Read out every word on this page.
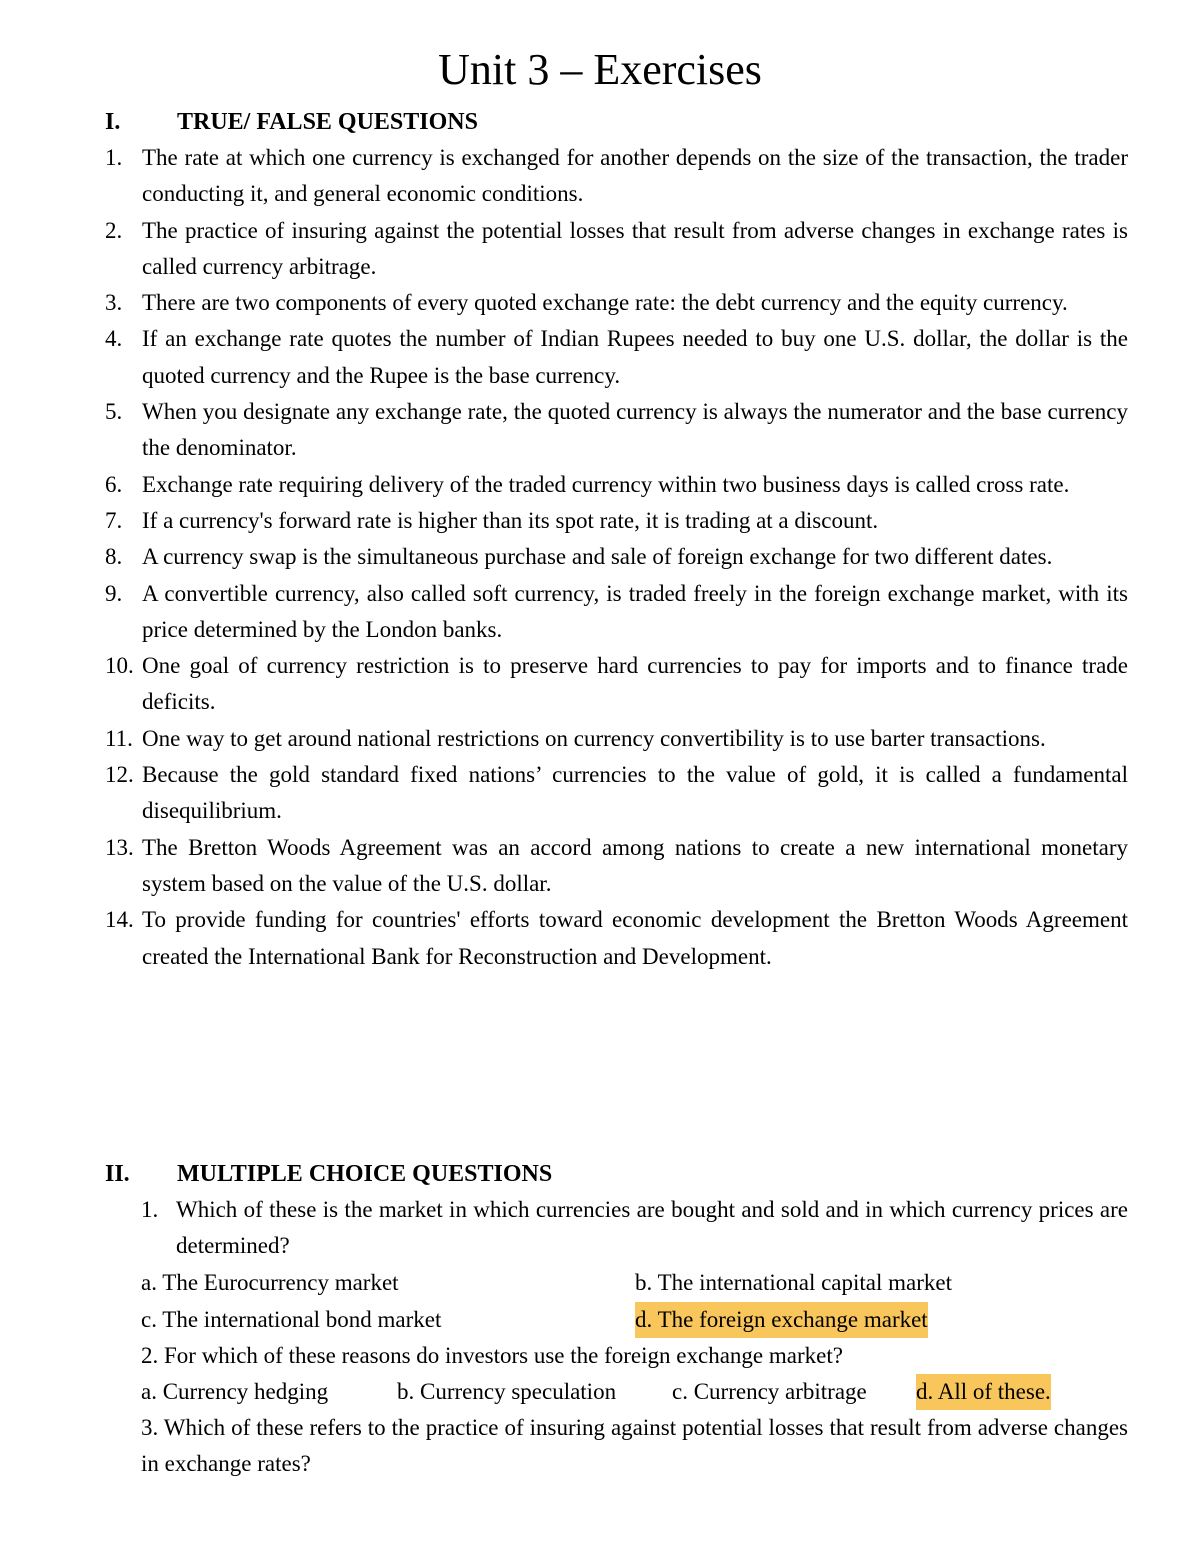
Unit 3 – Exercises
I. TRUE/ FALSE QUESTIONS
1. The rate at which one currency is exchanged for another depends on the size of the transaction, the trader conducting it, and general economic conditions.
2. The practice of insuring against the potential losses that result from adverse changes in exchange rates is called currency arbitrage.
3. There are two components of every quoted exchange rate: the debt currency and the equity currency.
4. If an exchange rate quotes the number of Indian Rupees needed to buy one U.S. dollar, the dollar is the quoted currency and the Rupee is the base currency.
5. When you designate any exchange rate, the quoted currency is always the numerator and the base currency the denominator.
6. Exchange rate requiring delivery of the traded currency within two business days is called cross rate.
7. If a currency's forward rate is higher than its spot rate, it is trading at a discount.
8. A currency swap is the simultaneous purchase and sale of foreign exchange for two different dates.
9. A convertible currency, also called soft currency, is traded freely in the foreign exchange market, with its price determined by the London banks.
10. One goal of currency restriction is to preserve hard currencies to pay for imports and to finance trade deficits.
11. One way to get around national restrictions on currency convertibility is to use barter transactions.
12. Because the gold standard fixed nations’ currencies to the value of gold, it is called a fundamental disequilibrium.
13. The Bretton Woods Agreement was an accord among nations to create a new international monetary system based on the value of the U.S. dollar.
14. To provide funding for countries' efforts toward economic development the Bretton Woods Agreement created the International Bank for Reconstruction and Development.
II. MULTIPLE CHOICE QUESTIONS
1. Which of these is the market in which currencies are bought and sold and in which currency prices are determined?
a. The Eurocurrency market	b. The international capital market
c. The international bond market	d. The foreign exchange market
2. For which of these reasons do investors use the foreign exchange market?
a. Currency hedging	b. Currency speculation c. Currency arbitrage d. All of these.
3. Which of these refers to the practice of insuring against potential losses that result from adverse changes in exchange rates?
